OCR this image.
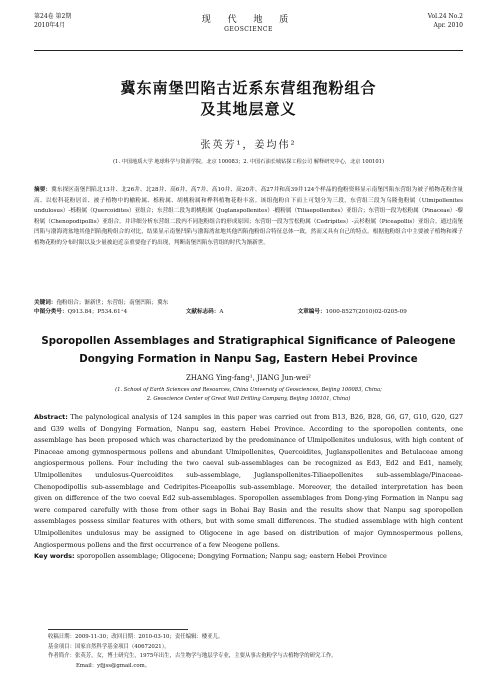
第24卷 第2期
2010年4月
现 代 地 质
GEOSCIENCE
Vol.24 No.2
Apr. 2010
冀东南堡凹陷古近系东营组孢粉组合
及其地层意义
张英芳¹，姜均伟²
(1. 中国地质大学 地球科学与资源学院，北京 100083；2. 中国石油长城钻探工程公司 解释研究中心，北京 100101)
摘要：冀东探区南堡凹陷北13井、北26井、北28井、高6井、高7井、高10井、高20井、高27井和高39井124个样品的孢粉资料显示南堡凹陷东营组为被子植物花粉含量高、以松科花粉居首、被子植物中的榆粉属、栎粉属、胡桃粉属和桦科植物花粉丰富。该组孢粉自下而上可划分为三段，东营组三段为乌隆孢粉属（Ulmipollenites undulosus）-栎粉属（Quercoidites）亚组合；东营组二段为胡桃粉属（Juglanspollenites）-椴粉属（Tiliaepollenites）亚组合；东营组一段为松粉属（Pinaceae）-藜粉属（Chenopodipollis）亚组合。并详细分析东营组二段内不同泡粉组合的形成原因；东营组一段为雪松粉属（Cedripites）-云杉粉属（Piceapollis）亚组合。通过南堡凹陷与渤海湾盆地其他凹陷孢粉组合的对比，结果显示南堡凹陷与渤海湾盆地其他凹陷孢粉组合特征总体一致，然而又具有自己的特点。根据孢粉组合中主要被子植物和裸子植物花粉的分布时限以及少量被迫近亲重要孢子的出现，判断南堡凹陷东营组的时代为渐新世。
关键词：孢粉组合；渐新世；东营组；南堡凹陷；冀东
中图分类号：Q913.84；P534.61⁺4	文献标志码：A	文章编号：1000-8527(2010)02-0205-09
Sporopollen Assemblages and Stratigraphical Significance of Paleogene
Dongying Formation in Nanpu Sag, Eastern Hebei Province
ZHANG Ying-fang¹, JIANG Jun-wei²
(1. School of Earth Sciences and Resources, China University of Geosciences, Beijing 100083, China;
2. Geoscience Center of Great Wall Drilling Company, Beijing 100101, China)
Abstract: The palynological analysis of 124 samples in this paper was carried out from B13, B26, B28, G6, G7, G10, G20, G27 and G39 wells of Dongying Formation, Nanpu sag, eastern Hebei Province. According to the sporopollen contents, one assemblage has been proposed which was characterized by the predominance of Ulmipollenites undulosus, with high content of Pinaceae among gymnospermous pollens and abundant Ulmipollenites, Quercoidites, Juglanspollenites and Betulaceae among angiospermous pollens. Four including the two caeval sub-assemblages can be recognized as Ed3, Ed2 and Ed1, namely, Ulmipollenites undulosus-Quercoidites sub-assemblage, Juglanspollenites-Tiliaepollenites sub-assemblage/Pinaceae-Chenopodipollis sub-assemblage and Cedripites-Piceapollis sub-assemblage. Moreover, the detailed interpretation has been given on difference of the two coeval Ed2 sub-assemblages. Sporopollen assemblages from Dong-ying Formation in Nanpu sag were compared carefully with those from other sags in Bohai Bay Basin and the results show that Nanpu sag sporopollen assemblages possess similar features with others, but with some small differences. The studied assemblage with high content Ulmipollenites undulosus may be assigned to Oligocene in age based on distribution of major Gymnospermous pollens, Angiospermous pollens and the first occurrence of a few Neogene pollens.
Key words: sporopollen assemblage; Oligocene; Dongying Formation; Nanpu sag; eastern Hebei Province
收稿日期：2009-11-30；改回日期：2010-03-10；责任编辑：楼亚儿。
基金项目：国家自然科学基金项目（40672021）。
作者简介：张英芳，女，博士研究生，1975年出生，古生物学与地层学专业，主要从事古孢粉学与古植物学的研究工作。
Email：yfjjss@gmail.com。
